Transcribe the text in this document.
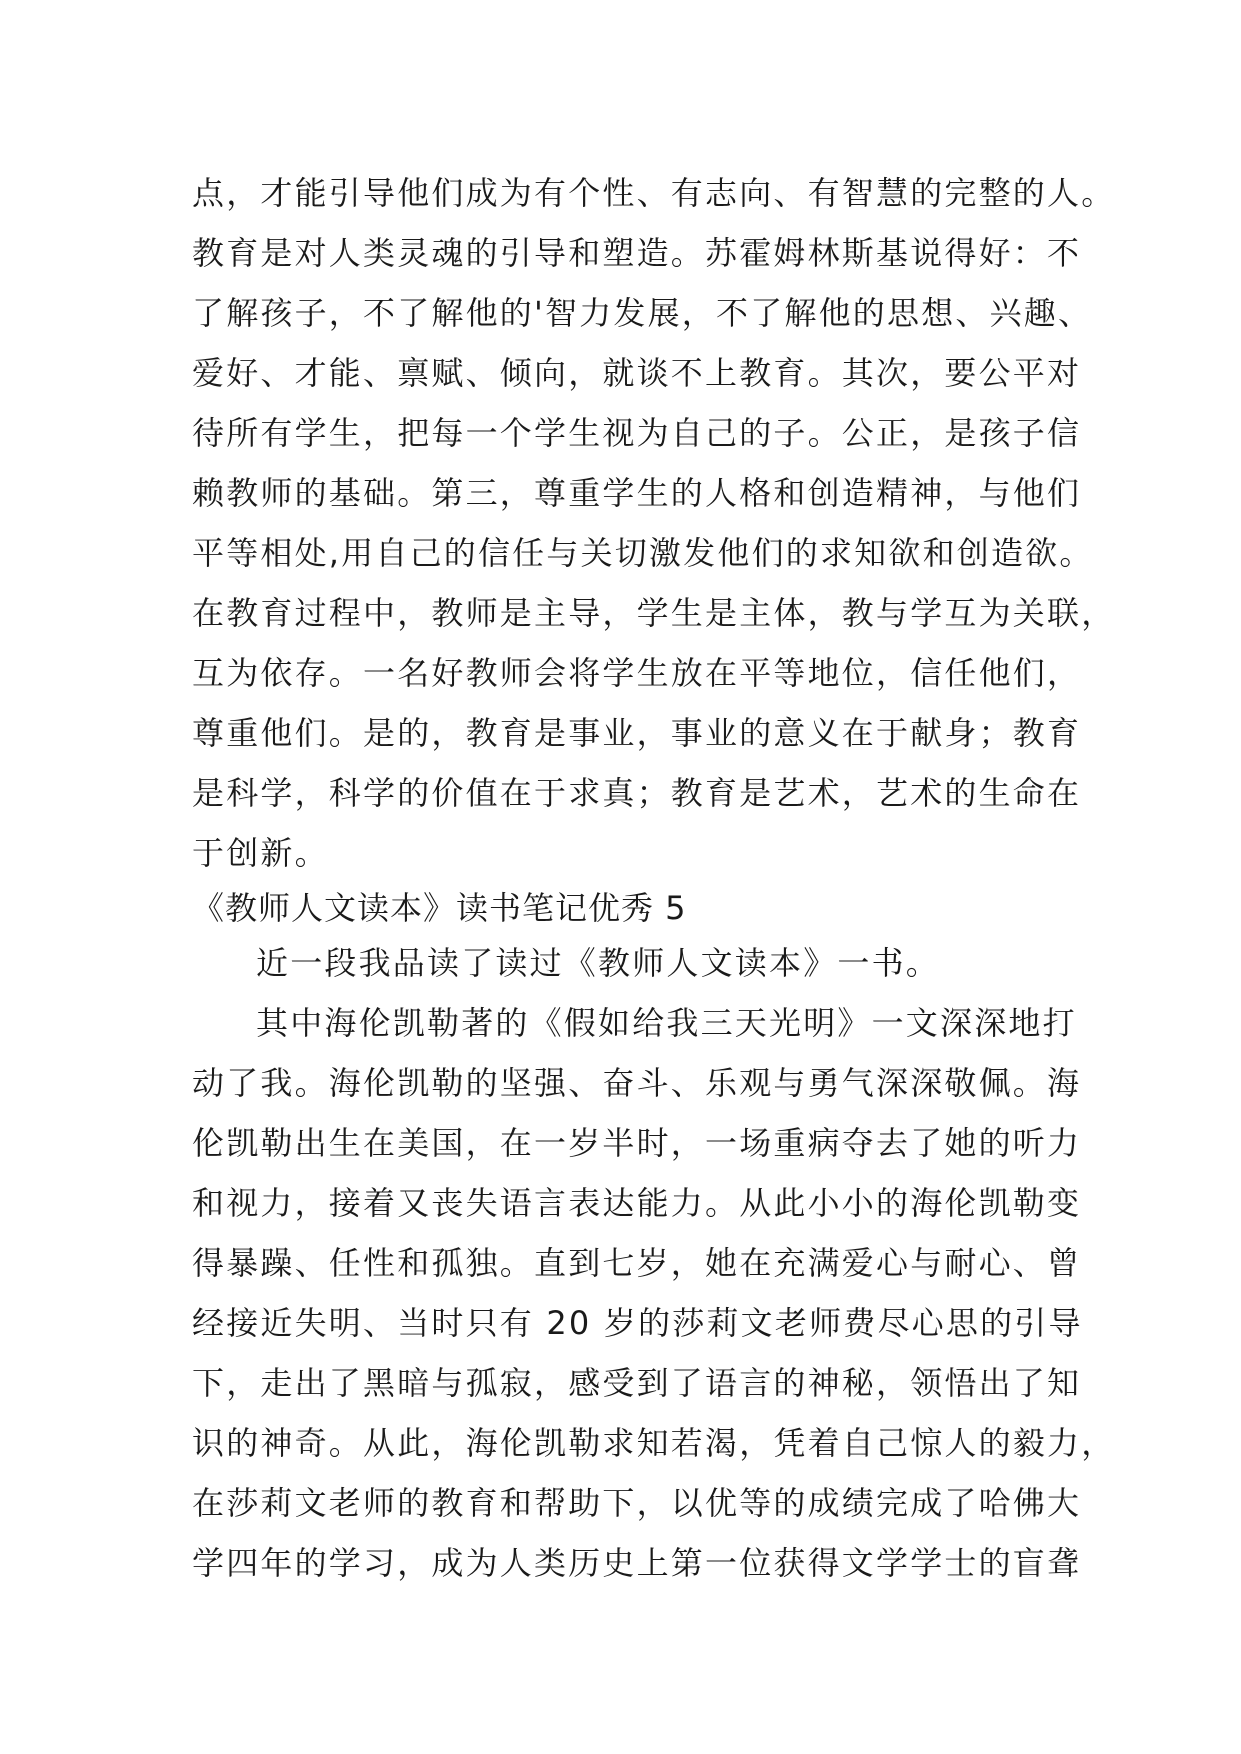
点，才能引导他们成为有个性、有志向、有智慧的完整的人。
教育是对人类灵魂的引导和塑造。苏霍姆林斯基说得好：不
了解孩子，不了解他的'智力发展，不了解他的思想、兴趣、
爱好、才能、禀赋、倾向，就谈不上教育。其次，要公平对
待所有学生，把每一个学生视为自己的子。公正，是孩子信
赖教师的基础。第三，尊重学生的人格和创造精神，与他们
平等相处,用自己的信任与关切激发他们的求知欲和创造欲。
在教育过程中，教师是主导，学生是主体，教与学互为关联，
互为依存。一名好教师会将学生放在平等地位，信任他们，
尊重他们。是的，教育是事业，事业的意义在于献身；教育
是科学，科学的价值在于求真；教育是艺术，艺术的生命在
于创新。
《教师人文读本》读书笔记优秀 5
近一段我品读了读过《教师人文读本》一书。
其中海伦凯勒著的《假如给我三天光明》一文深深地打
动了我。海伦凯勒的坚强、奋斗、乐观与勇气深深敬佩。海
伦凯勒出生在美国，在一岁半时，一场重病夺去了她的听力
和视力，接着又丧失语言表达能力。从此小小的海伦凯勒变
得暴躁、任性和孤独。直到七岁，她在充满爱心与耐心、曾
经接近失明、当时只有 20 岁的莎莉文老师费尽心思的引导
下，走出了黑暗与孤寂，感受到了语言的神秘，领悟出了知
识的神奇。从此，海伦凯勒求知若渴，凭着自己惊人的毅力，
在莎莉文老师的教育和帮助下，以优等的成绩完成了哈佛大
学四年的学习，成为人类历史上第一位获得文学学士的盲聋
